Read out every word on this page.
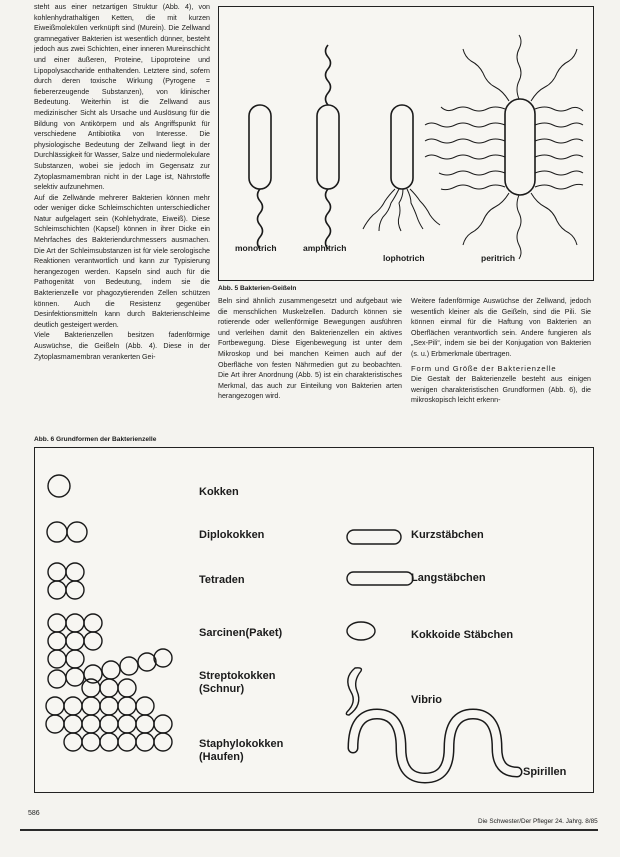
steht aus einer netzartigen Struktur (Abb. 4), von kohlenhydrathaltigen Ketten, die mit kurzen Eiweißmolekülen verknüpft sind (Murein). Die Zellwand gramnegativer Bakterien ist wesentlich dünner, besteht jedoch aus zwei Schichten, einer inneren Mureinschicht und einer äußeren, Proteine, Lipoproteine und Lipopolysaccharide enthaltenden. Letztere sind, sofern durch deren toxische Wirkung (Pyrogene = fiebererzeugende Substanzen), von klinischer Bedeutung. Weiterhin ist die Zellwand aus medizinischer Sicht als Ursache und Auslösung für die Bildung von Antikörpern und als Angriffspunkt für verschiedene Antibiotika von Interesse. Die physiologische Bedeutung der Zellwand liegt in der Durchlässigkeit für Wasser, Salze und niedermolekulare Substanzen, wobei sie jedoch im Gegensatz zur Zytoplasmamembran nicht in der Lage ist, Nährstoffe selektiv aufzunehmen.

Auf die Zellwände mehrerer Bakterien können mehr oder weniger dicke Schleimschichten unterschiedlicher Natur aufgelagert sein (Kohlehydrate, Eiweiß). Diese Schleimschichten (Kapsel) können in ihrer Dicke ein Mehrfaches des Bakteriendurchmessers ausmachen. Die Art der Schleimsubstanzen ist für viele serologische Reaktionen verantwortlich und kann zur Typisierung herangezogen werden. Kapseln sind auch für die Pathogenität von Bedeutung, indem sie die Bakterienzelle vor phagozytierenden Zellen schützen können. Auch die Resistenz gegenüber Desinfektionsmitteln kann durch Bakterienschleime deutlich gesteigert werden.

Viele Bakterienzellen besitzen fadenförmige Auswüchse, die Geißeln (Abb. 4). Diese in der Zytoplasmamembran verankerten Gei-

monotrich	amphitrich
lophotrich	peritrich
Abb. 5 Bakterien-Geißeln

Beln sind ähnlich zusammengesetzt und aufgebaut wie die menschlichen Muskelzellen. Dadurch können sie rotierende oder wellenförmige Bewegungen ausführen und verleihen damit den Bakterienzellen ein aktives Fortbewegung. Diese Eigenbewegung ist unter dem Mikroskop und bei manchen Keimen auch auf der Oberfläche von festen Nährmedien gut zu beobachten. Die Art ihrer Anordnung (Abb. 5) ist ein charakteristisches Merkmal, das auch zur Einteilung von Bakterien arten herangezogen wird.

Weitere fadenförmige Auswüchse der Zellwand, jedoch wesentlich kleiner als die Geißeln, sind die Pili. Sie können einmal für die Haftung von Bakterien an Oberflächen verantwortlich sein. Andere fungieren als „Sex-Pili“, indem sie bei der Konjugation von Bakterien (s. u.) Erbmerkmale übertragen.

Form und Größe der Bakterienzelle

Die Gestalt der Bakterienzelle besteht aus einigen wenigen charakteristischen Grundformen (Abb. 6), die mikroskopisch leicht erkenn-

Abb. 6 Grundformen der Bakterienzelle
Kokken
Diplokokken
Tetraden
Sarcinen(Paket)
Streptokokken
(Schnur)
Staphylokokken
(Haufen)
Kurzstäbchen
Langstäbchen
Kokkoide Stäbchen
Vibrio
Spirillen
586
Die Schwester/Der Pfleger 24. Jahrg. 8/85
